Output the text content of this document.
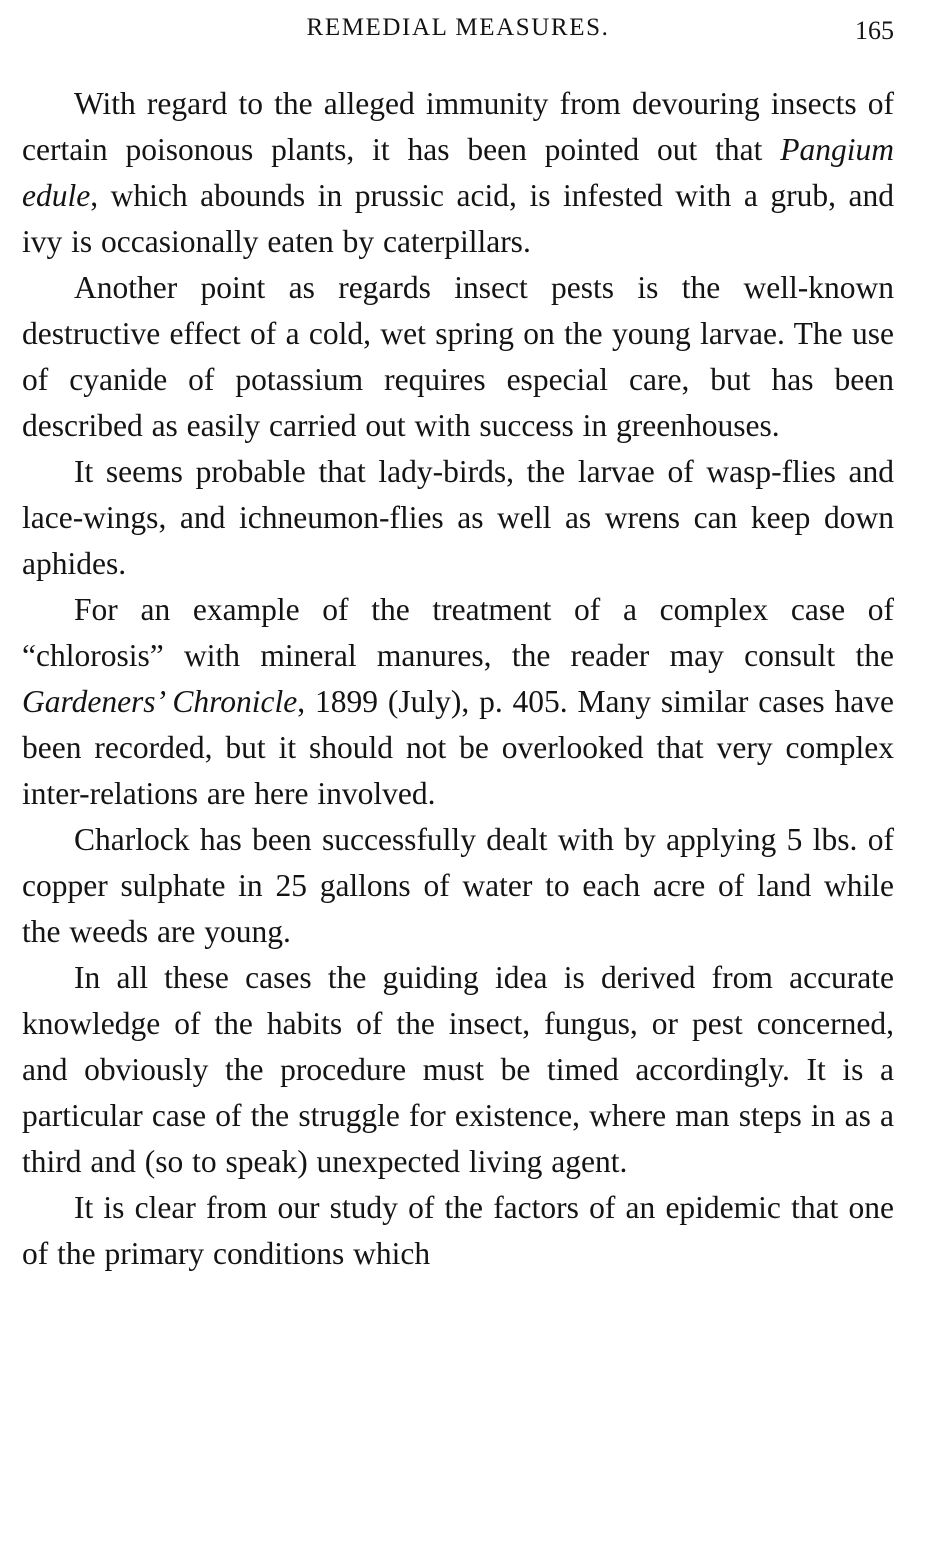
REMEDIAL MEASURES.	165

With regard to the alleged immunity from devouring insects of certain poisonous plants, it has been pointed out that Pangium edule, which abounds in prussic acid, is infested with a grub, and ivy is occasionally eaten by caterpillars.

Another point as regards insect pests is the well-known destructive effect of a cold, wet spring on the young larvae. The use of cyanide of potassium requires especial care, but has been described as easily carried out with success in greenhouses.

It seems probable that lady-birds, the larvae of wasp-flies and lace-wings, and ichneumon-flies as well as wrens can keep down aphides.

For an example of the treatment of a complex case of “chlorosis” with mineral manures, the reader may consult the Gardeners’ Chronicle, 1899 (July), p. 405. Many similar cases have been recorded, but it should not be overlooked that very complex inter-relations are here involved.

Charlock has been successfully dealt with by applying 5 lbs. of copper sulphate in 25 gallons of water to each acre of land while the weeds are young.

In all these cases the guiding idea is derived from accurate knowledge of the habits of the insect, fungus, or pest concerned, and obviously the procedure must be timed accordingly. It is a particular case of the struggle for existence, where man steps in as a third and (so to speak) unexpected living agent.

It is clear from our study of the factors of an epidemic that one of the primary conditions which
